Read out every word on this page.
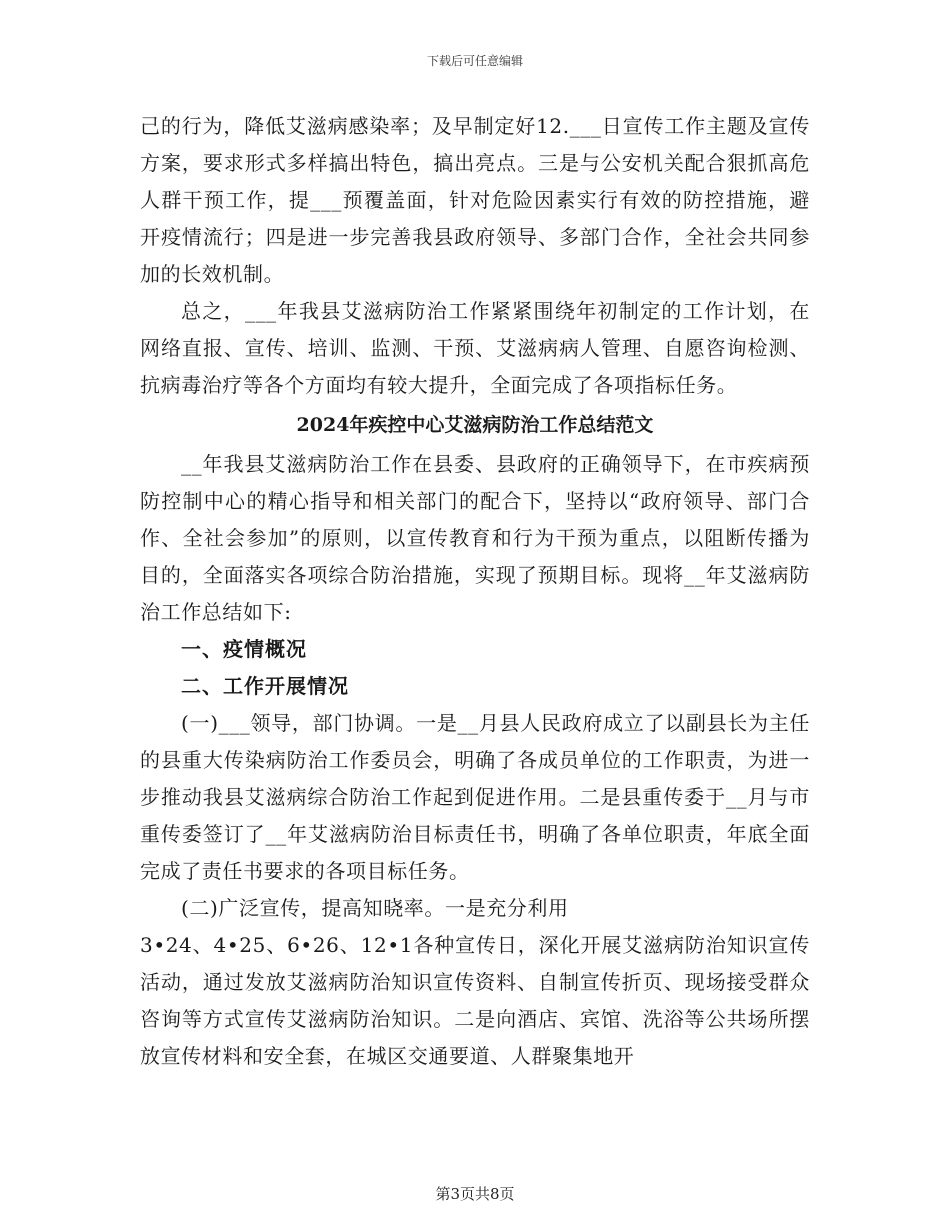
下载后可任意编辑

己的行为，降低艾滋病感染率；及早制定好12.___日宣传工作主题及宣传方案，要求形式多样搞出特色，搞出亮点。三是与公安机关配合狠抓高危人群干预工作，提___预覆盖面，针对危险因素实行有效的防控措施，避开疫情流行；四是进一步完善我县政府领导、多部门合作，全社会共同参加的长效机制。

总之，___年我县艾滋病防治工作紧紧围绕年初制定的工作计划，在网络直报、宣传、培训、监测、干预、艾滋病病人管理、自愿咨询检测、抗病毒治疗等各个方面均有较大提升，全面完成了各项指标任务。

2024年疾控中心艾滋病防治工作总结范文

__年我县艾滋病防治工作在县委、县政府的正确领导下，在市疾病预防控制中心的精心指导和相关部门的配合下，坚持以“政府领导、部门合作、全社会参加”的原则，以宣传教育和行为干预为重点，以阻断传播为目的，全面落实各项综合防治措施，实现了预期目标。现将__年艾滋病防治工作总结如下:

一、疫情概况

二、工作开展情况

(一)___领导，部门协调。一是__月县人民政府成立了以副县长为主任的县重大传染病防治工作委员会，明确了各成员单位的工作职责，为进一步推动我县艾滋病综合防治工作起到促进作用。二是县重传委于__月与市重传委签订了__年艾滋病防治目标责任书，明确了各单位职责，年底全面完成了责任书要求的各项目标任务。

(二)广泛宣传，提高知晓率。一是充分利用

3•24、4•25、6•26、12•1各种宣传日，深化开展艾滋病防治知识宣传活动，通过发放艾滋病防治知识宣传资料、自制宣传折页、现场接受群众咨询等方式宣传艾滋病防治知识。二是向酒店、宾馆、洗浴等公共场所摆放宣传材料和安全套，在城区交通要道、人群聚集地开

第3页共8页
